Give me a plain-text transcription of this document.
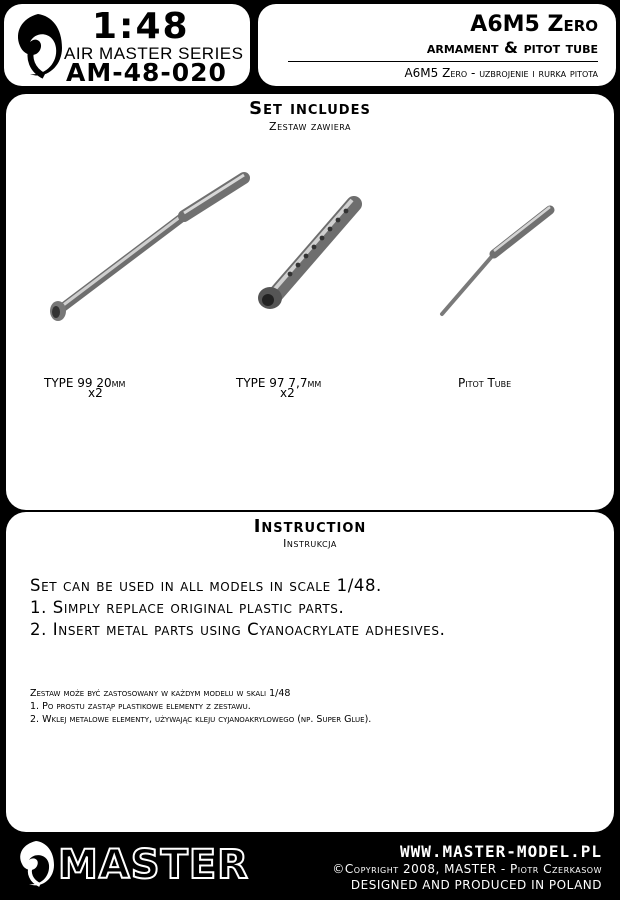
1:48
AIR MASTER SERIES
AM-48-020
A6M5 Zero
armament & pitot tube
A6M5 Zero - uzbrojenie i rurka pitota
Set includes
Zestaw zawiera
TYPE 99 20mm
x2
TYPE 97 7,7mm
x2
Pitot Tube
Instruction
Instrukcja
Set can be used in all models in scale 1/48.
1. Simply replace original plastic parts.
2. Insert metal parts using Cyanoacrylate adhesives.
Zestaw może być zastosowany w każdym modelu w skali 1/48
1. Po prostu zastąp plastikowe elementy z zestawu.
2. Wklej metalowe elementy, używając kleju cyjanoakrylowego (np. Super Glue).
MASTER	WWW.MASTER-MODEL.PL
©Copyright 2008, MASTER - Piotr Czerkasow
DESIGNED AND PRODUCED IN POLAND
